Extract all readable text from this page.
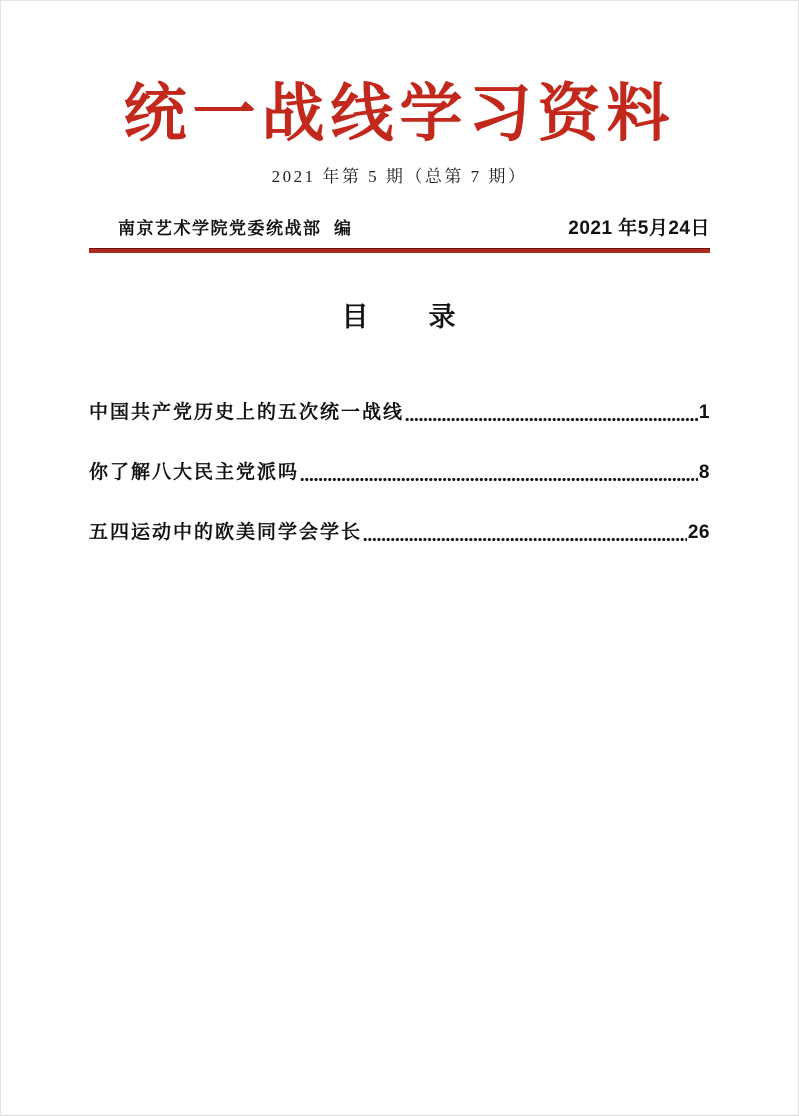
统一战线学习资料
2021 年第 5 期（总第 7 期）
南京艺术学院党委统战部  编	2021 年5月24日
目　　录
中国共产党历史上的五次统一战线	1
你了解八大民主党派吗	8
五四运动中的欧美同学会学长	26
